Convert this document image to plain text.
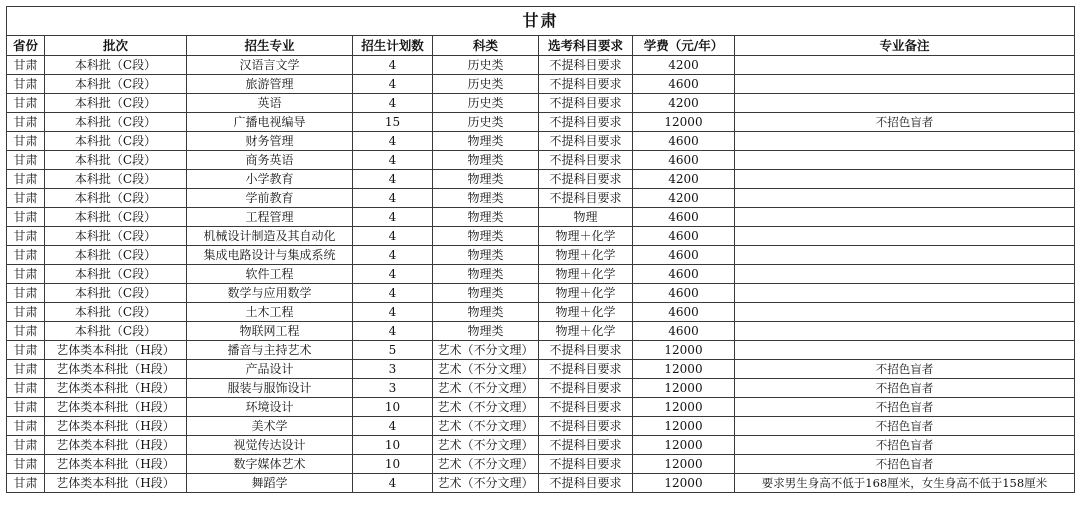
甘肃							
省份	批次	招生专业	招生计划数	科类	选考科目要求	学费（元/年）	专业备注
甘肃	本科批（C段）	汉语言文学	4	历史类	不提科目要求	4200	
甘肃	本科批（C段）	旅游管理	4	历史类	不提科目要求	4600	
甘肃	本科批（C段）	英语	4	历史类	不提科目要求	4200	
甘肃	本科批（C段）	广播电视编导	15	历史类	不提科目要求	12000	不招色盲者
甘肃	本科批（C段）	财务管理	4	物理类	不提科目要求	4600	
甘肃	本科批（C段）	商务英语	4	物理类	不提科目要求	4600	
甘肃	本科批（C段）	小学教育	4	物理类	不提科目要求	4200	
甘肃	本科批（C段）	学前教育	4	物理类	不提科目要求	4200	
甘肃	本科批（C段）	工程管理	4	物理类	物理	4600	
甘肃	本科批（C段）	机械设计制造及其自动化	4	物理类	物理＋化学	4600	
甘肃	本科批（C段）	集成电路设计与集成系统	4	物理类	物理＋化学	4600	
甘肃	本科批（C段）	软件工程	4	物理类	物理＋化学	4600	
甘肃	本科批（C段）	数学与应用数学	4	物理类	物理＋化学	4600	
甘肃	本科批（C段）	土木工程	4	物理类	物理＋化学	4600	
甘肃	本科批（C段）	物联网工程	4	物理类	物理＋化学	4600	
甘肃	艺体类本科批（H段）	播音与主持艺术	5	艺术（不分文理）	不提科目要求	12000	
甘肃	艺体类本科批（H段）	产品设计	3	艺术（不分文理）	不提科目要求	12000	不招色盲者
甘肃	艺体类本科批（H段）	服装与服饰设计	3	艺术（不分文理）	不提科目要求	12000	不招色盲者
甘肃	艺体类本科批（H段）	环境设计	10	艺术（不分文理）	不提科目要求	12000	不招色盲者
甘肃	艺体类本科批（H段）	美术学	4	艺术（不分文理）	不提科目要求	12000	不招色盲者
甘肃	艺体类本科批（H段）	视觉传达设计	10	艺术（不分文理）	不提科目要求	12000	不招色盲者
甘肃	艺体类本科批（H段）	数字媒体艺术	10	艺术（不分文理）	不提科目要求	12000	不招色盲者
甘肃	艺体类本科批（H段）	舞蹈学	4	艺术（不分文理）	不提科目要求	12000	要求男生身高不低于168厘米，女生身高不低于158厘米
